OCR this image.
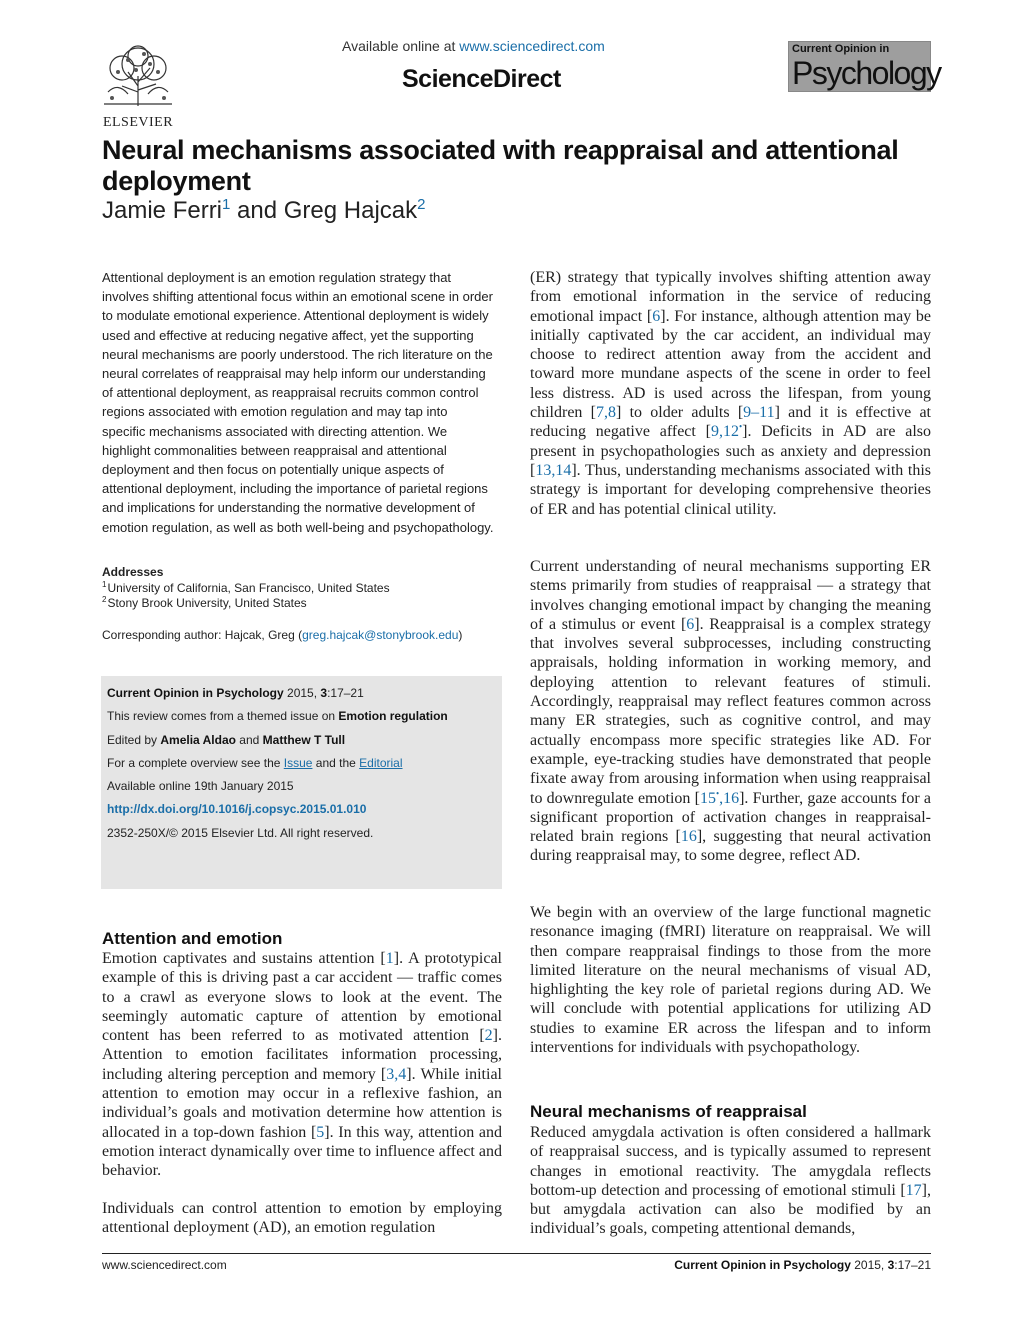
ELSEVIER
Available online at www.sciencedirect.com
ScienceDirect
Current Opinion in
Psychology
Neural mechanisms associated with reappraisal and attentional deployment
Jamie Ferri$^1$ and Greg Hajcak$^2$

Attentional deployment is an emotion regulation strategy that involves shifting attentional focus within an emotional scene in order to modulate emotional experience. Attentional deployment is widely used and effective at reducing negative affect, yet the supporting neural mechanisms are poorly understood. The rich literature on the neural correlates of reappraisal may help inform our understanding of attentional deployment, as reappraisal recruits common control regions associated with emotion regulation and may tap into specific mechanisms associated with directing attention. We highlight commonalities between reappraisal and attentional deployment and then focus on potentially unique aspects of attentional deployment, including the importance of parietal regions and implications for understanding the normative development of emotion regulation, as well as both well-being and psychopathology.

Addresses
$^1$ University of California, San Francisco, United States
$^2$ Stony Brook University, United States
Corresponding author: Hajcak, Greg (greg.hajcak@stonybrook.edu)
Current Opinion in Psychology 2015, 3:17–21
This review comes from a themed issue on Emotion regulation
Edited by Amelia Aldao and Matthew T Tull
For a complete overview see the Issue and the Editorial
Available online 19th January 2015
http://dx.doi.org/10.1016/j.copsyc.2015.01.010
2352-250X/© 2015 Elsevier Ltd. All right reserved.
Attention and emotion

Emotion captivates and sustains attention [1]. A prototypical example of this is driving past a car accident — traffic comes to a crawl as everyone slows to look at the event. The seemingly automatic capture of attention by emotional content has been referred to as motivated attention [2]. Attention to emotion facilitates information processing, including altering perception and memory [3,4]. While initial attention to emotion may occur in a reflexive fashion, an individual’s goals and motivation determine how attention is allocated in a top-down fashion [5]. In this way, attention and emotion interact dynamically over time to influence affect and behavior.

Individuals can control attention to emotion by employing attentional deployment (AD), an emotion regulation

(ER) strategy that typically involves shifting attention away from emotional information in the service of reducing emotional impact [6]. For instance, although attention may be initially captivated by the car accident, an individual may choose to redirect attention away from the accident and toward more mundane aspects of the scene in order to feel less distress. AD is used across the lifespan, from young children [7,8] to older adults [9–11] and it is effective at reducing negative affect [9,12•]. Deficits in AD are also present in psychopathologies such as anxiety and depression [13,14]. Thus, understanding mechanisms associated with this strategy is important for developing comprehensive theories of ER and has potential clinical utility.

Current understanding of neural mechanisms supporting ER stems primarily from studies of reappraisal — a strategy that involves changing emotional impact by changing the meaning of a stimulus or event [6]. Reappraisal is a complex strategy that involves several subprocesses, including constructing appraisals, holding information in working memory, and deploying attention to relevant features of stimuli. Accordingly, reappraisal may reflect features common across many ER strategies, such as cognitive control, and may actually encompass more specific strategies like AD. For example, eye-tracking studies have demonstrated that people fixate away from arousing information when using reappraisal to downregulate emotion [15•,16]. Further, gaze accounts for a significant proportion of activation changes in reappraisal-related brain regions [16], suggesting that neural activation during reappraisal may, to some degree, reflect AD.

We begin with an overview of the large functional magnetic resonance imaging (fMRI) literature on reappraisal. We will then compare reappraisal findings to those from the more limited literature on the neural mechanisms of visual AD, highlighting the key role of parietal regions during AD. We will conclude with potential applications for utilizing AD studies to examine ER across the lifespan and to inform interventions for individuals with psychopathology.

Neural mechanisms of reappraisal

Reduced amygdala activation is often considered a hallmark of reappraisal success, and is typically assumed to represent changes in emotional reactivity. The amygdala reflects bottom-up detection and processing of emotional stimuli [17], but amygdala activation can also be modified by an individual’s goals, competing attentional demands,

www.sciencedirect.com	Current Opinion in Psychology 2015, 3:17–21
